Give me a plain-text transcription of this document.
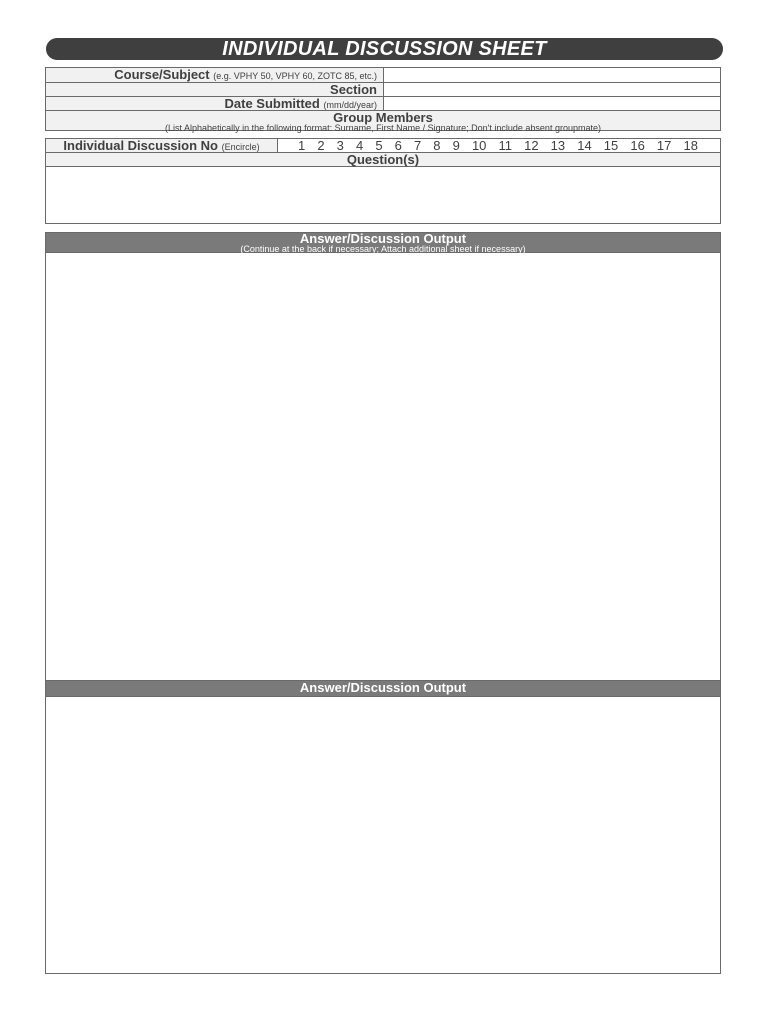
INDIVIDUAL DISCUSSION SHEET
Course/Subject (e.g. VPHY 50, VPHY 60, ZOTC 85, etc.)
Section
Date Submitted (mm/dd/year)
Group Members
(List Alphabetically in the following format: Surname, First Name / Signature; Don't include absent groupmate)
Individual Discussion No (Encircle)	1 2 3 4 5 6 7 8 9 10 11 12 13 14 15 16 17 18
Question(s)
Answer/Discussion Output
(Continue at the back if necessary; Attach additional sheet if necessary)
Answer/Discussion Output
